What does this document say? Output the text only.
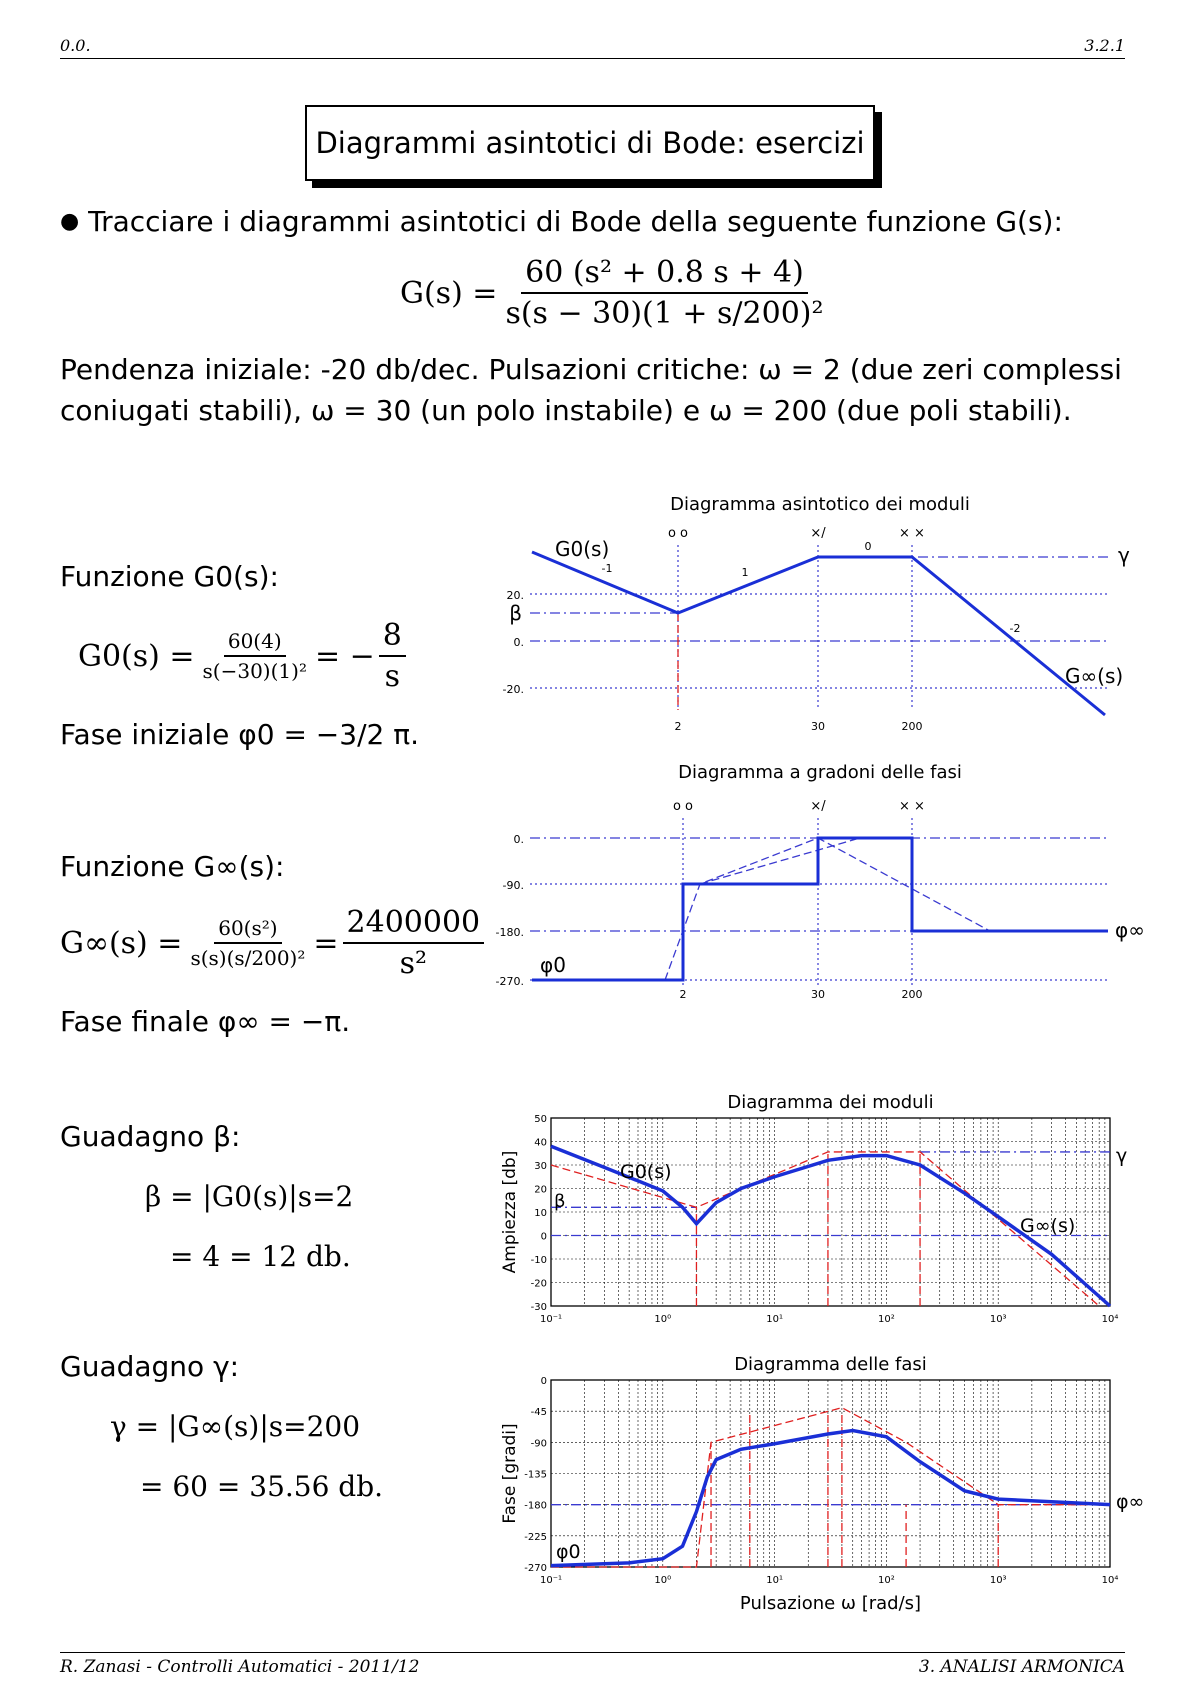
0.0.	3.2.1
Diagrammi asintotici di Bode: esercizi
● Tracciare i diagrammi asintotici di Bode della seguente funzione G(s):
$G(s) = \frac{\text{60 (s² + 0.8 s + 4)}}{\text{s(s − 30)(1 + s/200)²}}$
Pendenza iniziale: -20 db/dec. Pulsazioni critiche: ω = 2 (due zeri complessi coniugati stabili), ω = 30 (un polo instabile) e ω = 200 (due poli stabili).
Funzione G0(s):
$G0(s) = \frac{60(4)}{\text{s(−30)(1)²}}$ = − $\frac{8}{s}$
Fase iniziale φ0 = −3/2 π.
Funzione G∞(s):
$G\infty(s) = \frac{\text{60(s²)}}{\text{s(s)(s/200)²}} = \frac{2400000}{\text{s²}}$
Fase finale φ∞ = −π.
Guadagno β:
β = |G0(s)|s=2
= 4 = 12 db.
Guadagno γ:
γ = |G∞(s)|s=200
= 60 = 35.56 db.
Diagramma asintotico dei moduli
o o	×/	× ×
20.
0.
-20.
β
γ
-1	1
0
-2
G0(s)
G∞(s)
2	30	200
Diagramma a gradoni delle fasi
o o	×/	× ×
0.
-90.
-180.
-270.
φ0
φ∞
2	30	200
Diagramma dei moduli
50
40
30
20
10
0
-10
-20
-30
10⁻¹	10⁰	10¹	10²	10³	10⁴
Ampiezza [db]	G0(s)
G∞(s)
β
γ
Diagramma delle fasi
0
-45
-90
-135
-180
-225
-270
10⁻¹	10⁰	10¹	10²	10³	10⁴
Fase [gradi]
Pulsazione ω [rad/s]
φ0
φ∞
R. Zanasi - Controlli Automatici - 2011/12	3. ANALISI ARMONICA
